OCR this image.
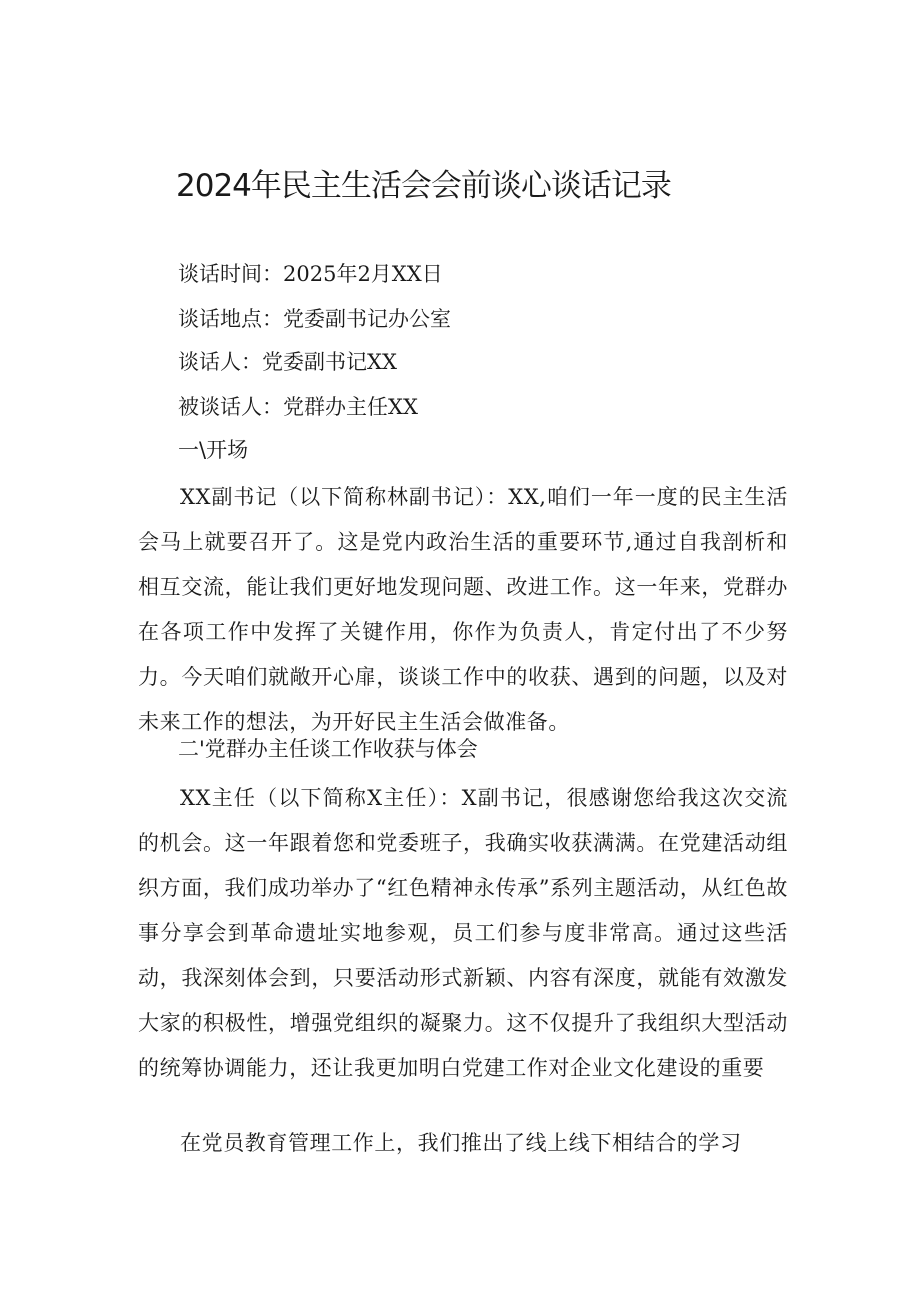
2024年民主生活会会前谈心谈话记录
谈话时间：2025年2月XX日
谈话地点：党委副书记办公室
谈话人：党委副书记XX
被谈话人：党群办主任XX
一\开场

XX副书记（以下简称林副书记）：XX,咱们一年一度的民主生活会马上就要召开了。这是党内政治生活的重要环节,通过自我剖析和相互交流，能让我们更好地发现问题、改进工作。这一年来，党群办在各项工作中发挥了关键作用，你作为负责人，肯定付出了不少努力。今天咱们就敞开心扉，谈谈工作中的收获、遇到的问题，以及对未来工作的想法，为开好民主生活会做准备。

二'党群办主任谈工作收获与体会

XX主任（以下简称X主任）：X副书记，很感谢您给我这次交流的机会。这一年跟着您和党委班子，我确实收获满满。在党建活动组织方面，我们成功举办了“红色精神永传承”系列主题活动，从红色故事分享会到革命遗址实地参观，员工们参与度非常高。通过这些活动，我深刻体会到，只要活动形式新颖、内容有深度，就能有效激发大家的积极性，增强党组织的凝聚力。这不仅提升了我组织大型活动的统筹协调能力，还让我更加明白党建工作对企业文化建设的重要

在党员教育管理工作上，我们推出了线上线下相结合的学习
